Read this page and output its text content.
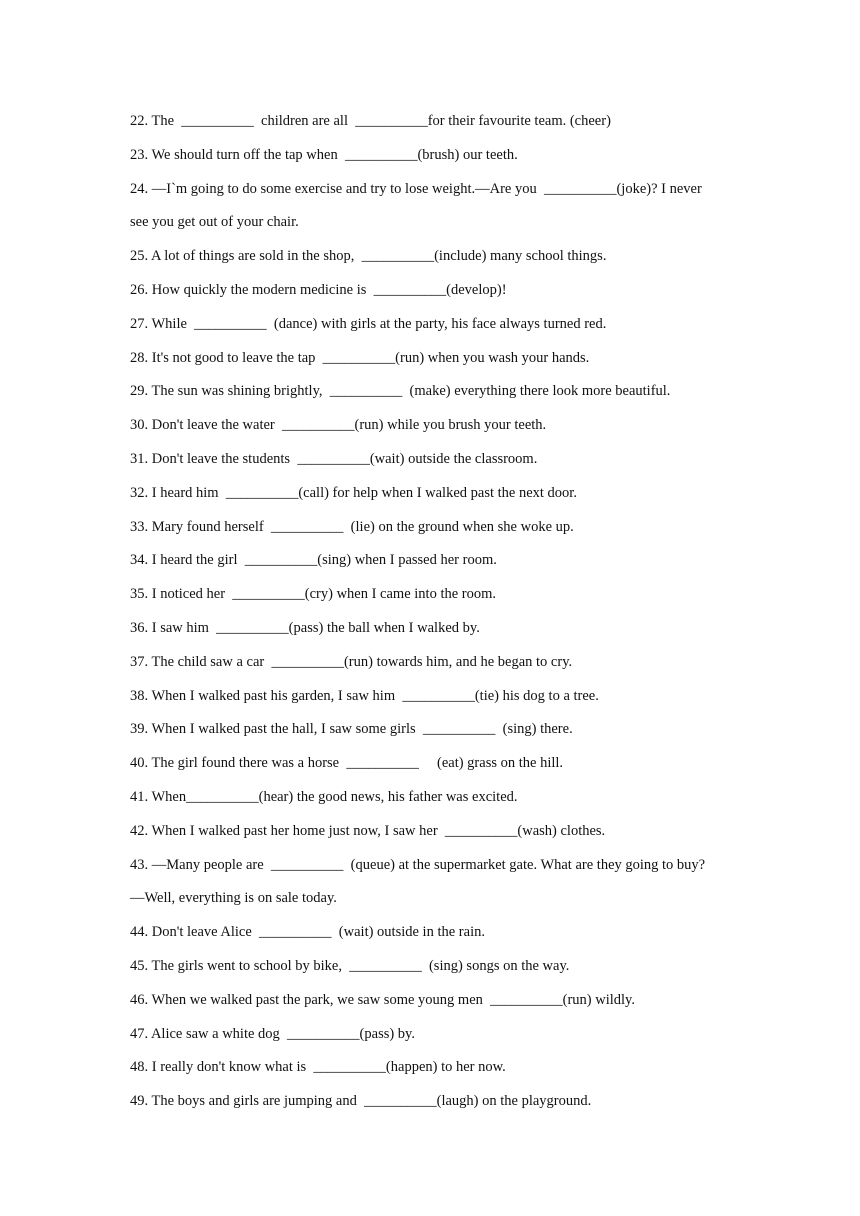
22. The  __________  children are all  __________for their favourite team. (cheer)
23. We should turn off the tap when  __________(brush) our teeth.
24. —I`m going to do some exercise and try to lose weight.—Are you  __________(joke)? I never
see you get out of your chair.
25. A lot of things are sold in the shop,  __________(include) many school things.
26. How quickly the modern medicine is  __________(develop)!
27. While  __________  (dance) with girls at the party, his face always turned red.
28. It's not good to leave the tap  __________(run) when you wash your hands.
29. The sun was shining brightly,  __________  (make) everything there look more beautiful.
30. Don't leave the water  __________(run) while you brush your teeth.
31. Don't leave the students  __________(wait) outside the classroom.
32. I heard him  __________(call) for help when I walked past the next door.
33. Mary found herself  __________  (lie) on the ground when she woke up.
34. I heard the girl  __________(sing) when I passed her room.
35. I noticed her  __________(cry) when I came into the room.
36. I saw him  __________(pass) the ball when I walked by.
37. The child saw a car  __________(run) towards him, and he began to cry.
38. When I walked past his garden, I saw him  __________(tie) his dog to a tree.
39. When I walked past the hall, I saw some girls  __________  (sing) there.
40. The girl found there was a horse  __________     (eat) grass on the hill.
41. When__________(hear) the good news, his father was excited.
42. When I walked past her home just now, I saw her  __________(wash) clothes.
43. —Many people are  __________  (queue) at the supermarket gate. What are they going to buy?
—Well, everything is on sale today.
44. Don't leave Alice  __________  (wait) outside in the rain.
45. The girls went to school by bike,  __________  (sing) songs on the way.
46. When we walked past the park, we saw some young men  __________(run) wildly.
47. Alice saw a white dog  __________(pass) by.
48. I really don't know what is  __________(happen) to her now.
49. The boys and girls are jumping and  __________(laugh) on the playground.
